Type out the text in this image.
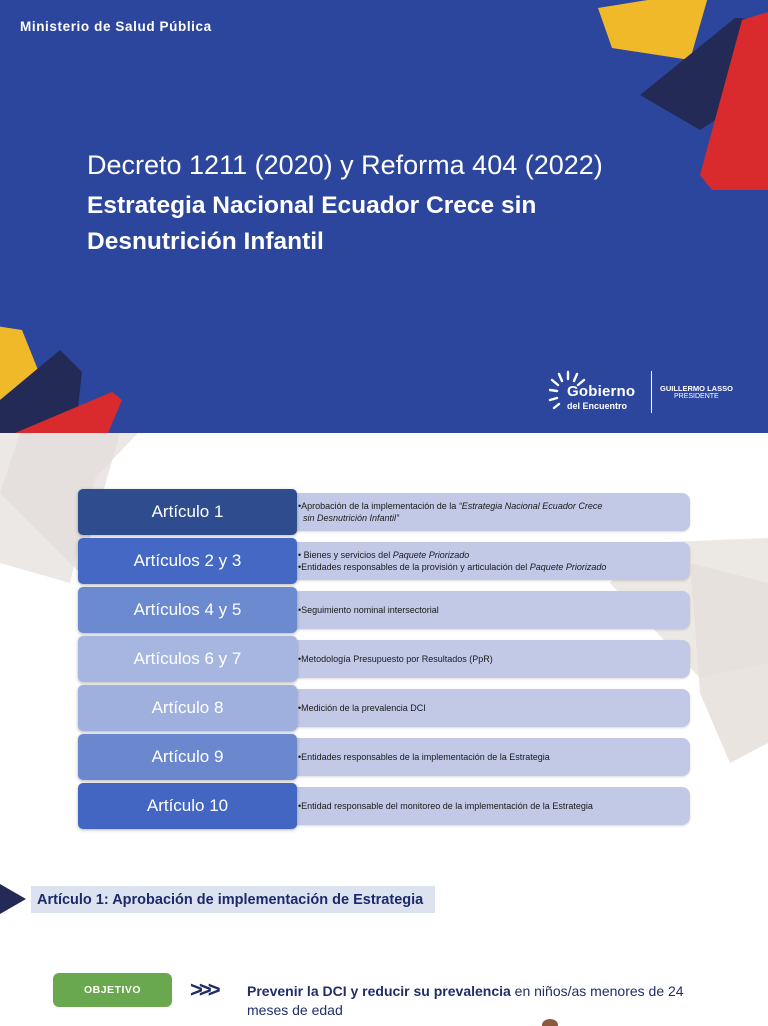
Ministerio de Salud Pública
Decreto 1211 (2020) y Reforma 404 (2022)
Estrategia Nacional Ecuador Crece sin Desnutrición Infantil
Gobierno
del Encuentro
GUILLERMO LASSO
PRESIDENTE
•Aprobación de la implementación de la “Estrategia Nacional Ecuador Crece
sin Desnutrición Infantil”
Artículo 1
• Bienes y servicios del Paquete Priorizado
•Entidades responsables de la provisión y articulación del Paquete Priorizado
Artículos 2 y 3
•Seguimiento nominal intersectorial
Artículos 4 y 5
•Metodología Presupuesto por Resultados (PpR)
Artículos 6 y 7
•Medición de la prevalencia DCI
Artículo 8
•Entidades responsables de la implementación de la Estrategia
Artículo 9
•Entidad responsable del monitoreo de la implementación de la Estrategia
Artículo 10
Artículo 1: Aprobación de implementación de Estrategia
OBJETIVO	>>> Prevenir la DCI y reducir su prevalencia en niños/as menores de 24 meses de edad
